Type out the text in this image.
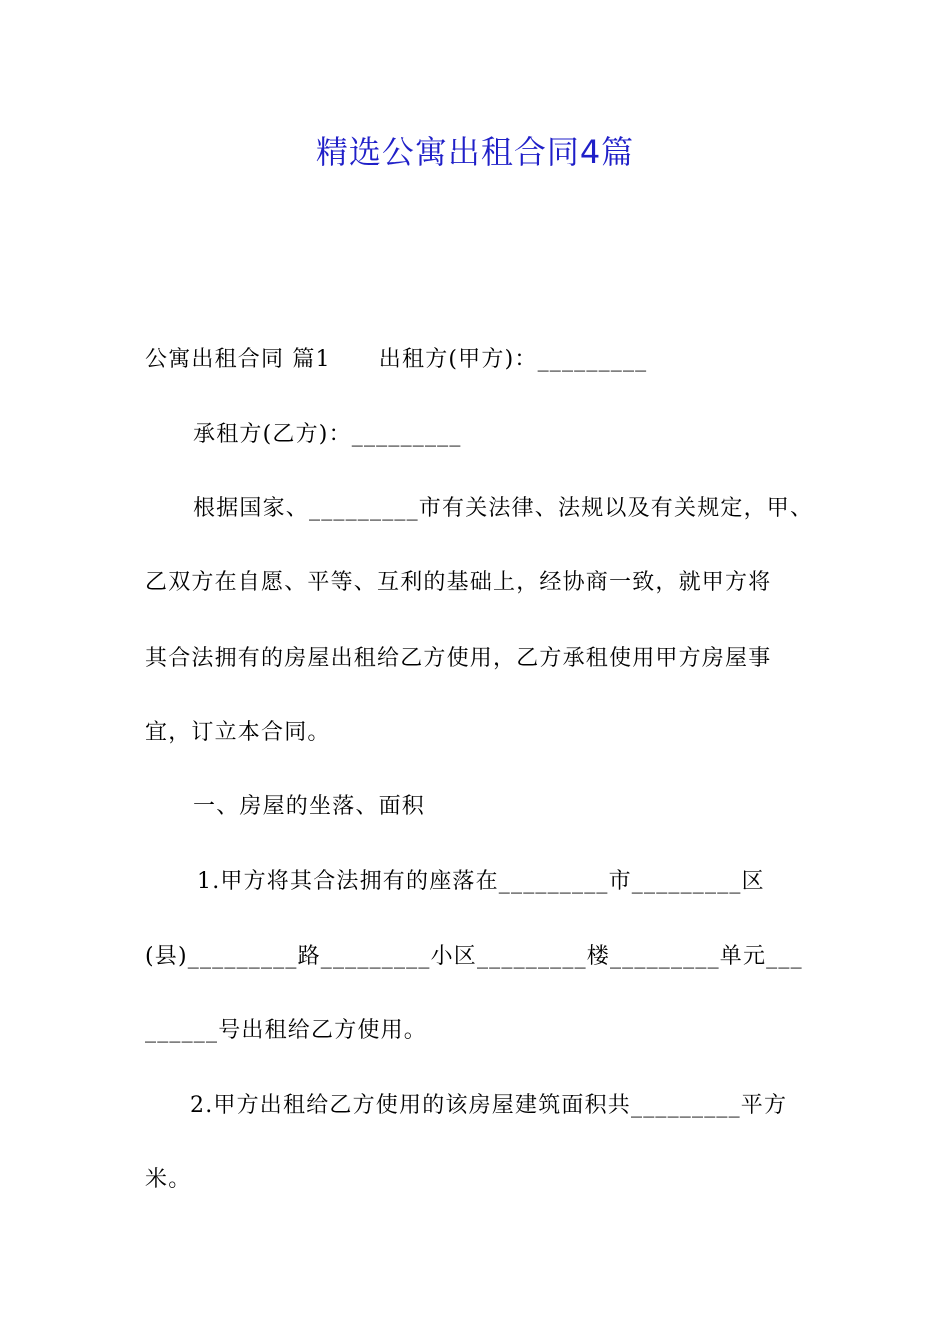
精选公寓出租合同4篇
公寓出租合同 篇1 出租方(甲方)：_________
承租方(乙方)：_________
根据国家、_________市有关法律、法规以及有关规定，甲、
乙双方在自愿、平等、互利的基础上，经协商一致，就甲方将
其合法拥有的房屋出租给乙方使用，乙方承租使用甲方房屋事
宜，订立本合同。
一、房屋的坐落、面积
1.甲方将其合法拥有的座落在_________市_________区
(县)_________路_________小区_________楼_________单元___
______号出租给乙方使用。
2.甲方出租给乙方使用的该房屋建筑面积共_________平方
米。
